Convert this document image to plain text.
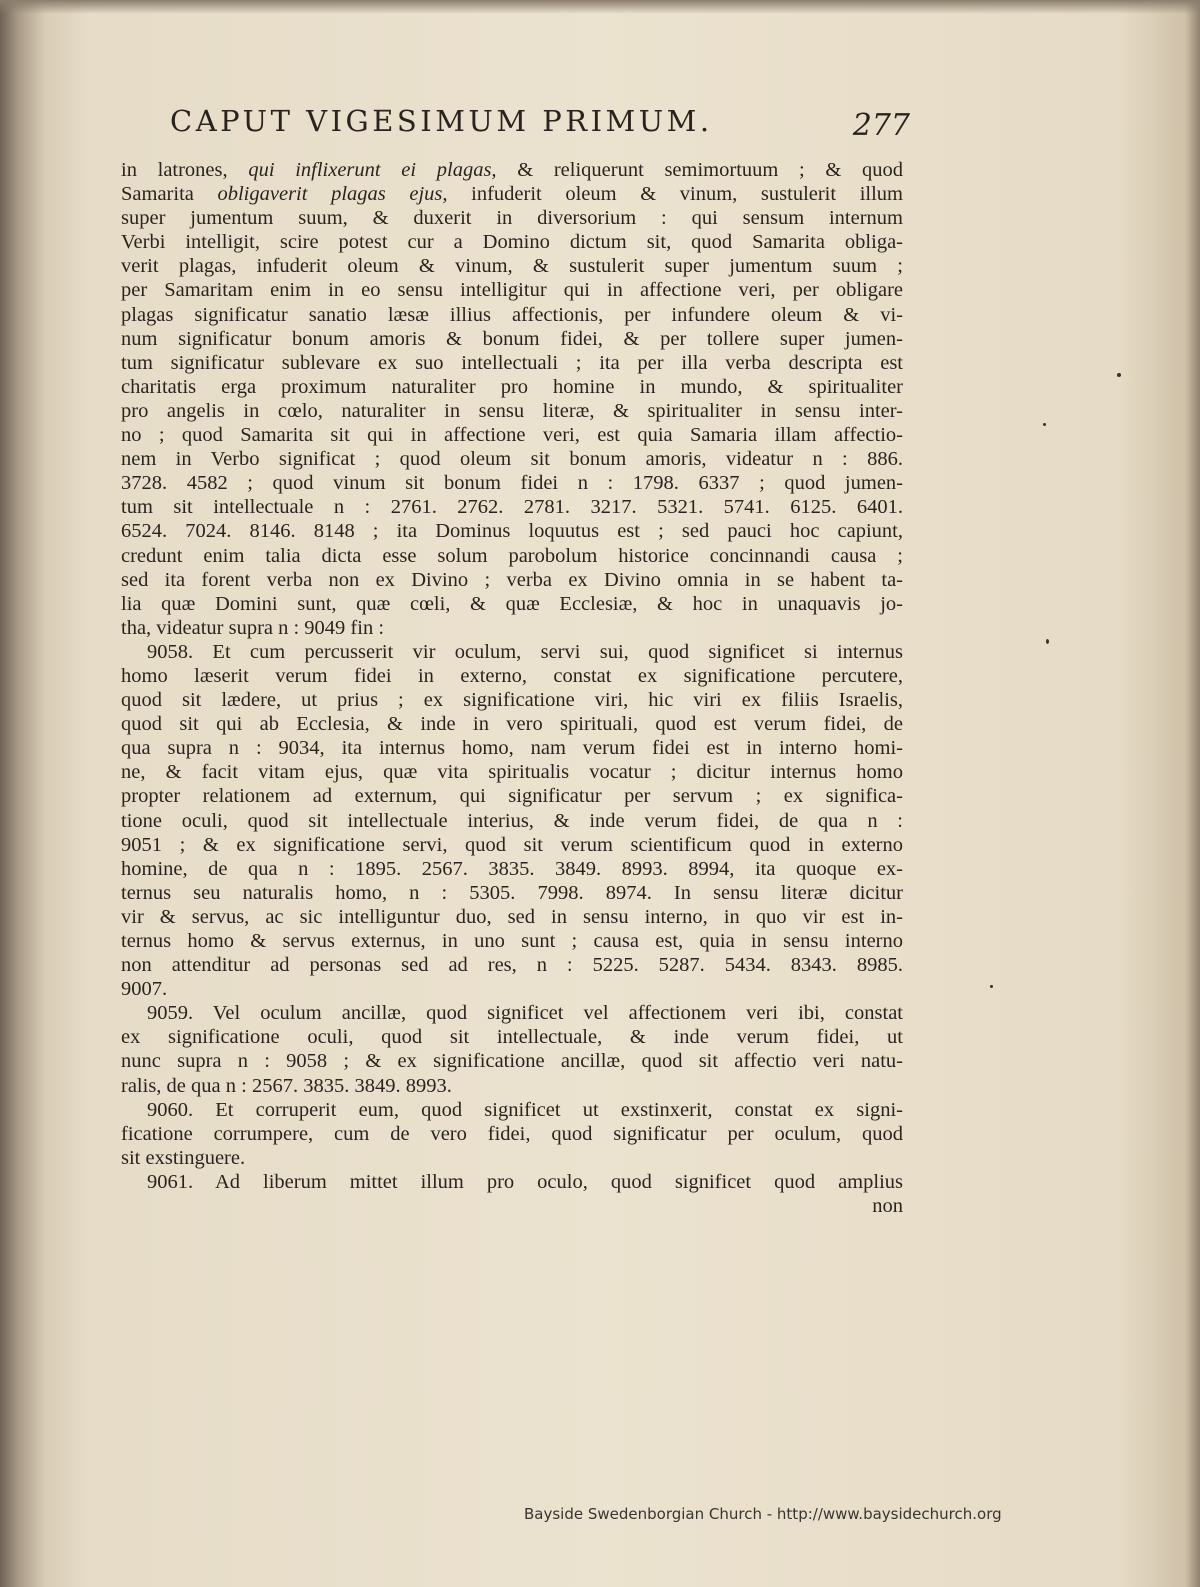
CAPUT VIGESIMUM PRIMUM.	277
in latrones, qui inflixerunt ei plagas, & reliquerunt semimortuum ; & quod
Samarita obligaverit plagas ejus, infuderit oleum & vinum, sustulerit illum
super jumentum suum, & duxerit in diversorium : qui sensum internum
Verbi intelligit, scire potest cur a Domino dictum sit, quod Samarita obliga-
verit plagas, infuderit oleum & vinum, & sustulerit super jumentum suum ;
per Samaritam enim in eo sensu intelligitur qui in affectione veri, per obligare
plagas significatur sanatio læsæ illius affectionis, per infundere oleum & vi-
num significatur bonum amoris & bonum fidei, & per tollere super jumen-
tum significatur sublevare ex suo intellectuali ; ita per illa verba descripta est
charitatis erga proximum naturaliter pro homine in mundo, & spiritualiter
pro angelis in cœlo, naturaliter in sensu literæ, & spiritualiter in sensu inter-
no ; quod Samarita sit qui in affectione veri, est quia Samaria illam affectio-
nem in Verbo significat ; quod oleum sit bonum amoris, videatur n : 886.
3728. 4582 ; quod vinum sit bonum fidei n : 1798. 6337 ; quod jumen-
tum sit intellectuale n : 2761. 2762. 2781. 3217. 5321. 5741. 6125. 6401.
6524. 7024. 8146. 8148 ; ita Dominus loquutus est ; sed pauci hoc capiunt,
credunt enim talia dicta esse solum parobolum historice concinnandi causa ;
sed ita forent verba non ex Divino ; verba ex Divino omnia in se habent ta-
lia quæ Domini sunt, quæ cœli, & quæ Ecclesiæ, & hoc in unaquavis jo-
tha, videatur supra n : 9049 fin :
9058. Et cum percusserit vir oculum, servi sui, quod significet si internus
homo læserit verum fidei in externo, constat ex significatione percutere,
quod sit lædere, ut prius ; ex significatione viri, hic viri ex filiis Israelis,
quod sit qui ab Ecclesia, & inde in vero spirituali, quod est verum fidei, de
qua supra n : 9034, ita internus homo, nam verum fidei est in interno homi-
ne, & facit vitam ejus, quæ vita spiritualis vocatur ; dicitur internus homo
propter relationem ad externum, qui significatur per servum ; ex significa-
tione oculi, quod sit intellectuale interius, & inde verum fidei, de qua n :
9051 ; & ex significatione servi, quod sit verum scientificum quod in externo
homine, de qua n : 1895. 2567. 3835. 3849. 8993. 8994, ita quoque ex-
ternus seu naturalis homo, n : 5305. 7998. 8974. In sensu literæ dicitur
vir & servus, ac sic intelliguntur duo, sed in sensu interno, in quo vir est in-
ternus homo & servus externus, in uno sunt ; causa est, quia in sensu interno
non attenditur ad personas sed ad res, n : 5225. 5287. 5434. 8343. 8985.
9007.
9059. Vel oculum ancillæ, quod significet vel affectionem veri ibi, constat
ex significatione oculi, quod sit intellectuale, & inde verum fidei, ut
nunc supra n : 9058 ; & ex significatione ancillæ, quod sit affectio veri natu-
ralis, de qua n : 2567. 3835. 3849. 8993.
9060. Et corruperit eum, quod significet ut exstinxerit, constat ex signi-
ficatione corrumpere, cum de vero fidei, quod significatur per oculum, quod
sit exstinguere.
9061. Ad liberum mittet illum pro oculo, quod significet quod amplius
non
Bayside Swedenborgian Church - http://www.baysidechurch.org
